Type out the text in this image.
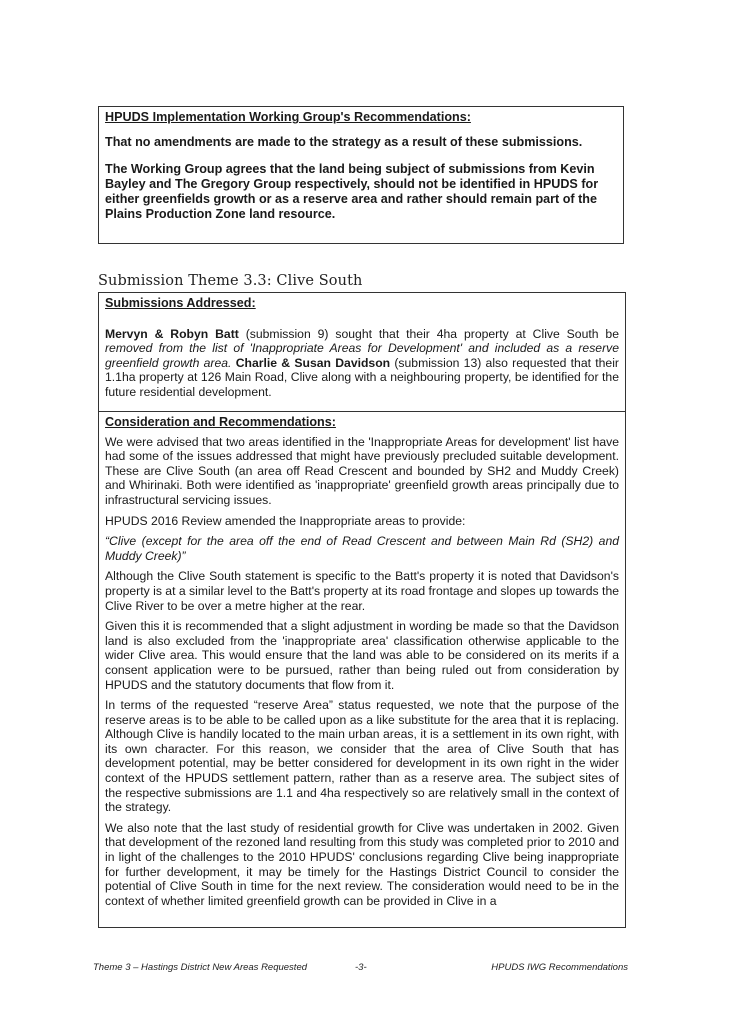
HPUDS Implementation Working Group's Recommendations:

That no amendments are made to the strategy as a result of these submissions.

The Working Group agrees that the land being subject of submissions from Kevin Bayley and The Gregory Group respectively, should not be identified in HPUDS for either greenfields growth or as a reserve area and rather should remain part of the Plains Production Zone land resource.

Submission Theme 3.3: Clive South
Submissions Addressed:

Mervyn & Robyn Batt (submission 9) sought that their 4ha property at Clive South be removed from the list of 'Inappropriate Areas for Development' and included as a reserve greenfield growth area. Charlie & Susan Davidson (submission 13) also requested that their 1.1ha property at 126 Main Road, Clive along with a neighbouring property, be identified for the future residential development.

Consideration and Recommendations:

We were advised that two areas identified in the 'Inappropriate Areas for development' list have had some of the issues addressed that might have previously precluded suitable development. These are Clive South (an area off Read Crescent and bounded by SH2 and Muddy Creek) and Whirinaki. Both were identified as 'inappropriate' greenfield growth areas principally due to infrastructural servicing issues.

HPUDS 2016 Review amended the Inappropriate areas to provide:

“Clive (except for the area off the end of Read Crescent and between Main Rd (SH2) and Muddy Creek)”

Although the Clive South statement is specific to the Batt's property it is noted that Davidson's property is at a similar level to the Batt's property at its road frontage and slopes up towards the Clive River to be over a metre higher at the rear.

Given this it is recommended that a slight adjustment in wording be made so that the Davidson land is also excluded from the 'inappropriate area' classification otherwise applicable to the wider Clive area. This would ensure that the land was able to be considered on its merits if a consent application were to be pursued, rather than being ruled out from consideration by HPUDS and the statutory documents that flow from it.

In terms of the requested “reserve Area” status requested, we note that the purpose of the reserve areas is to be able to be called upon as a like substitute for the area that it is replacing. Although Clive is handily located to the main urban areas, it is a settlement in its own right, with its own character. For this reason, we consider that the area of Clive South that has development potential, may be better considered for development in its own right in the wider context of the HPUDS settlement pattern, rather than as a reserve area. The subject sites of the respective submissions are 1.1 and 4ha respectively so are relatively small in the context of the strategy.

We also note that the last study of residential growth for Clive was undertaken in 2002. Given that development of the rezoned land resulting from this study was completed prior to 2010 and in light of the challenges to the 2010 HPUDS' conclusions regarding Clive being inappropriate for further development, it may be timely for the Hastings District Council to consider the potential of Clive South in time for the next review. The consideration would need to be in the context of whether limited greenfield growth can be provided in Clive in a

Theme 3 – Hastings District New Areas Requested	-3-	HPUDS IWG Recommendations
